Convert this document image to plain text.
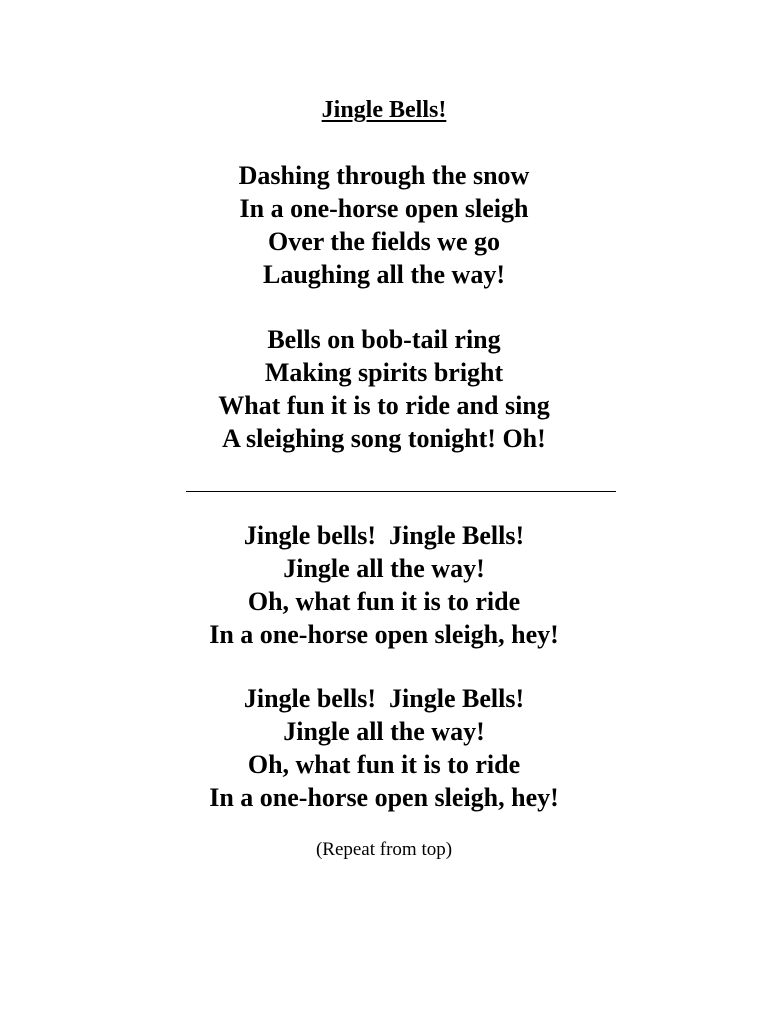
Jingle Bells!
Dashing through the snow
In a one-horse open sleigh
Over the fields we go
Laughing all the way!
Bells on bob-tail ring
Making spirits bright
What fun it is to ride and sing
A sleighing song tonight! Oh!
Jingle bells!  Jingle Bells!
Jingle all the way!
Oh, what fun it is to ride
In a one-horse open sleigh, hey!
Jingle bells!  Jingle Bells!
Jingle all the way!
Oh, what fun it is to ride
In a one-horse open sleigh, hey!
(Repeat from top)
